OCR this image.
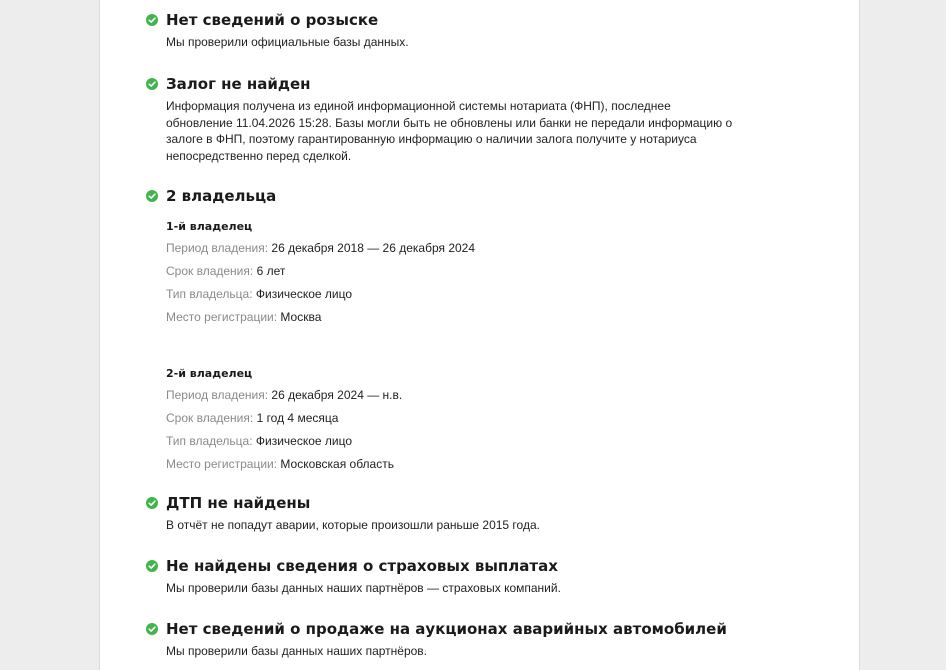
Нет сведений о розыске
Мы проверили официальные базы данных.
Залог не найден
Информация получена из единой информационной системы нотариата (ФНП), последнее
обновление 11.04.2026 15:28. Базы могли быть не обновлены или банки не передали информацию о
залоге в ФНП, поэтому гарантированную информацию о наличии залога получите у нотариуса
непосредственно перед сделкой.
2 владельца
1-й владелец
Период владения: 26 декабря 2018 — 26 декабря 2024
Срок владения: 6 лет
Тип владельца: Физическое лицо
Место регистрации: Москва
2-й владелец
Период владения: 26 декабря 2024 — н.в.
Срок владения: 1 год 4 месяца
Тип владельца: Физическое лицо
Место регистрации: Московская область
ДТП не найдены
В отчёт не попадут аварии, которые произошли раньше 2015 года.
Не найдены сведения о страховых выплатах
Мы проверили базы данных наших партнёров — страховых компаний.
Нет сведений о продаже на аукционах аварийных автомобилей
Мы проверили базы данных наших партнёров.
